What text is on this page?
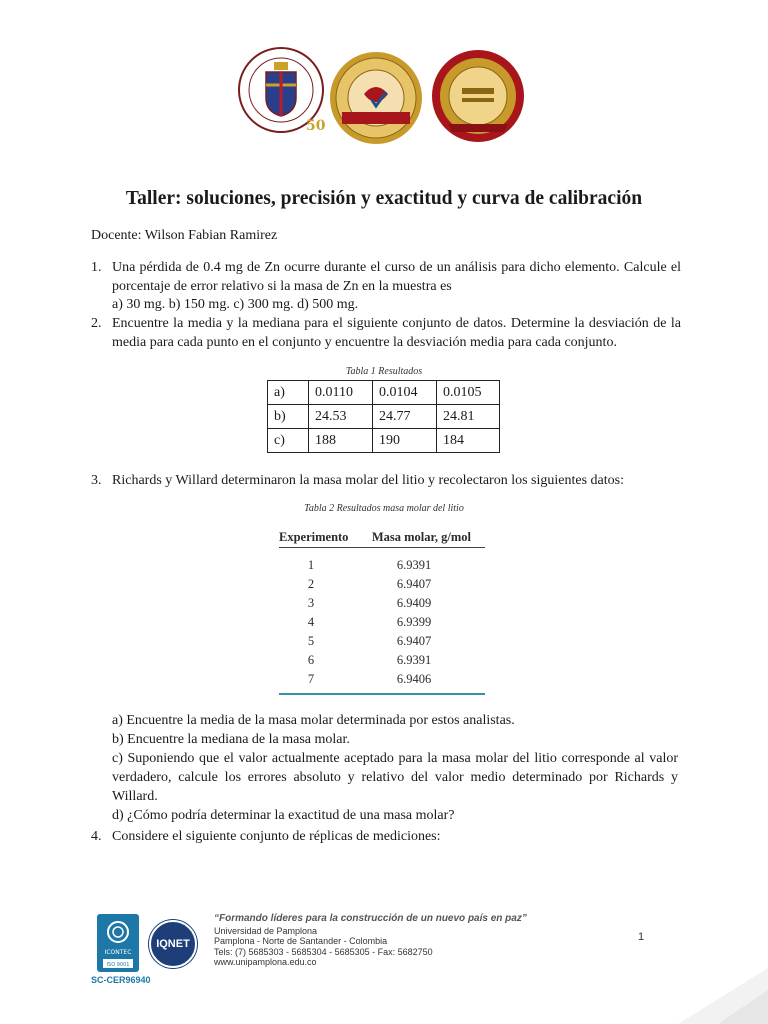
50
Taller: soluciones, precisión y exactitud y curva de calibración
Docente: Wilson Fabian Ramirez
1. Una pérdida de 0.4 mg de Zn ocurre durante el curso de un análisis para dicho elemento. Calcule el porcentaje de error relativo si la masa de Zn en la muestra es
a) 30 mg. b) 150 mg. c) 300 mg. d) 500 mg.
2. Encuentre la media y la mediana para el siguiente conjunto de datos. Determine la desviación de la media para cada punto en el conjunto y encuentre la desviación media para cada conjunto.
Tabla 1 Resultados
a)	0.0110	0.0104	0.0105
b)	24.53	24.77	24.81
c)	188	190	184
3. Richards y Willard determinaron la masa molar del litio y recolectaron los siguientes datos:
Tabla 2 Resultados masa molar del litio
Experimento	Masa molar, g/mol
1	6.9391
2	6.9407
3	6.9409
4	6.9399
5	6.9407
6	6.9391
7	6.9406

a) Encuentre la media de la masa molar determinada por estos analistas.

b) Encuentre la mediana de la masa molar.

c) Suponiendo que el valor actualmente aceptado para la masa molar del litio corresponde al valor verdadero, calcule los errores absoluto y relativo del valor medio determinado por Richards y Willard.

d) ¿Cómo podría determinar la exactitud de una masa molar?

4. Considere el siguiente conjunto de réplicas de mediciones:
ICONTEC
ISO 9001
IQNET
SC-CER96940
“Formando líderes para la construcción de un nuevo país en paz”
Universidad de Pamplona
Pamplona - Norte de Santander - Colombia
Tels: (7) 5685303 - 5685304 - 5685305 - Fax: 5682750
www.unipamplona.edu.co
1
